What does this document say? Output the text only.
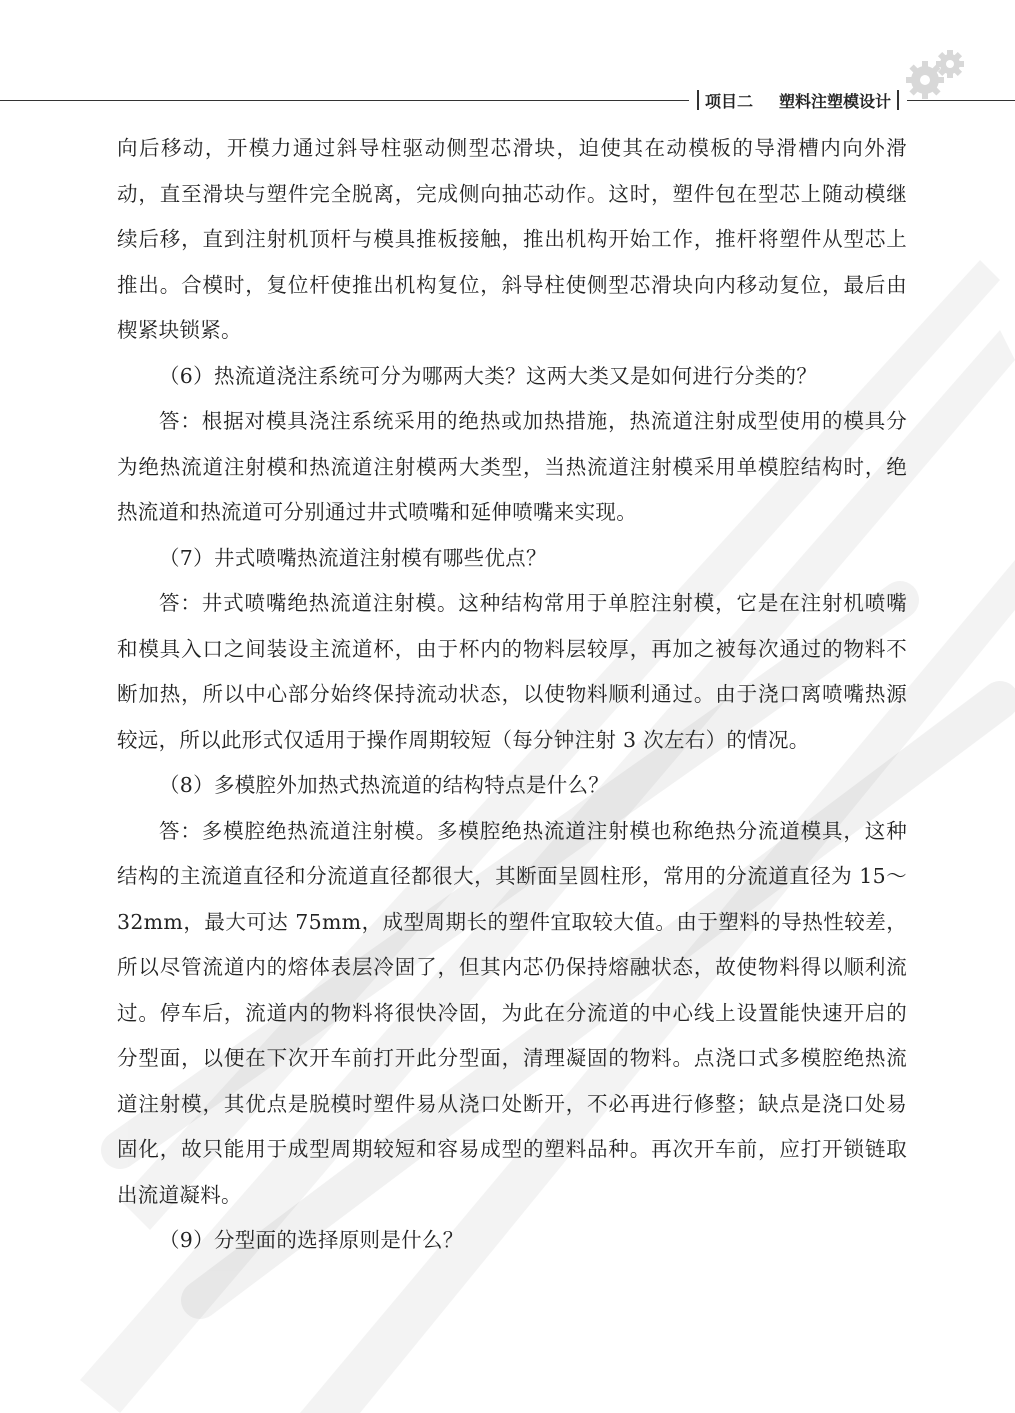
项目二 塑料注塑模设计

向后移动，开模力通过斜导柱驱动侧型芯滑块，迫使其在动模板的导滑槽内向外滑动，直至滑块与塑件完全脱离，完成侧向抽芯动作。这时，塑件包在型芯上随动模继续后移，直到注射机顶杆与模具推板接触，推出机构开始工作，推杆将塑件从型芯上推出。合模时，复位杆使推出机构复位，斜导柱使侧型芯滑块向内移动复位，最后由楔紧块锁紧。

（6）热流道浇注系统可分为哪两大类？这两大类又是如何进行分类的？

答：根据对模具浇注系统采用的绝热或加热措施，热流道注射成型使用的模具分为绝热流道注射模和热流道注射模两大类型，当热流道注射模采用单模腔结构时，绝热流道和热流道可分别通过井式喷嘴和延伸喷嘴来实现。

（7）井式喷嘴热流道注射模有哪些优点？

答：井式喷嘴绝热流道注射模。这种结构常用于单腔注射模，它是在注射机喷嘴和模具入口之间装设主流道杯，由于杯内的物料层较厚，再加之被每次通过的物料不断加热，所以中心部分始终保持流动状态，以使物料顺利通过。由于浇口离喷嘴热源较远，所以此形式仅适用于操作周期较短（每分钟注射 3 次左右）的情况。

（8）多模腔外加热式热流道的结构特点是什么？

答：多模腔绝热流道注射模。多模腔绝热流道注射模也称绝热分流道模具，这种结构的主流道直径和分流道直径都很大，其断面呈圆柱形，常用的分流道直径为 15～32mm，最大可达 75mm，成型周期长的塑件宜取较大值。由于塑料的导热性较差，所以尽管流道内的熔体表层冷固了，但其内芯仍保持熔融状态，故使物料得以顺利流过。停车后，流道内的物料将很快冷固，为此在分流道的中心线上设置能快速开启的分型面，以便在下次开车前打开此分型面，清理凝固的物料。点浇口式多模腔绝热流道注射模，其优点是脱模时塑件易从浇口处断开，不必再进行修整；缺点是浇口处易固化，故只能用于成型周期较短和容易成型的塑料品种。再次开车前，应打开锁链取出流道凝料。

（9）分型面的选择原则是什么？
